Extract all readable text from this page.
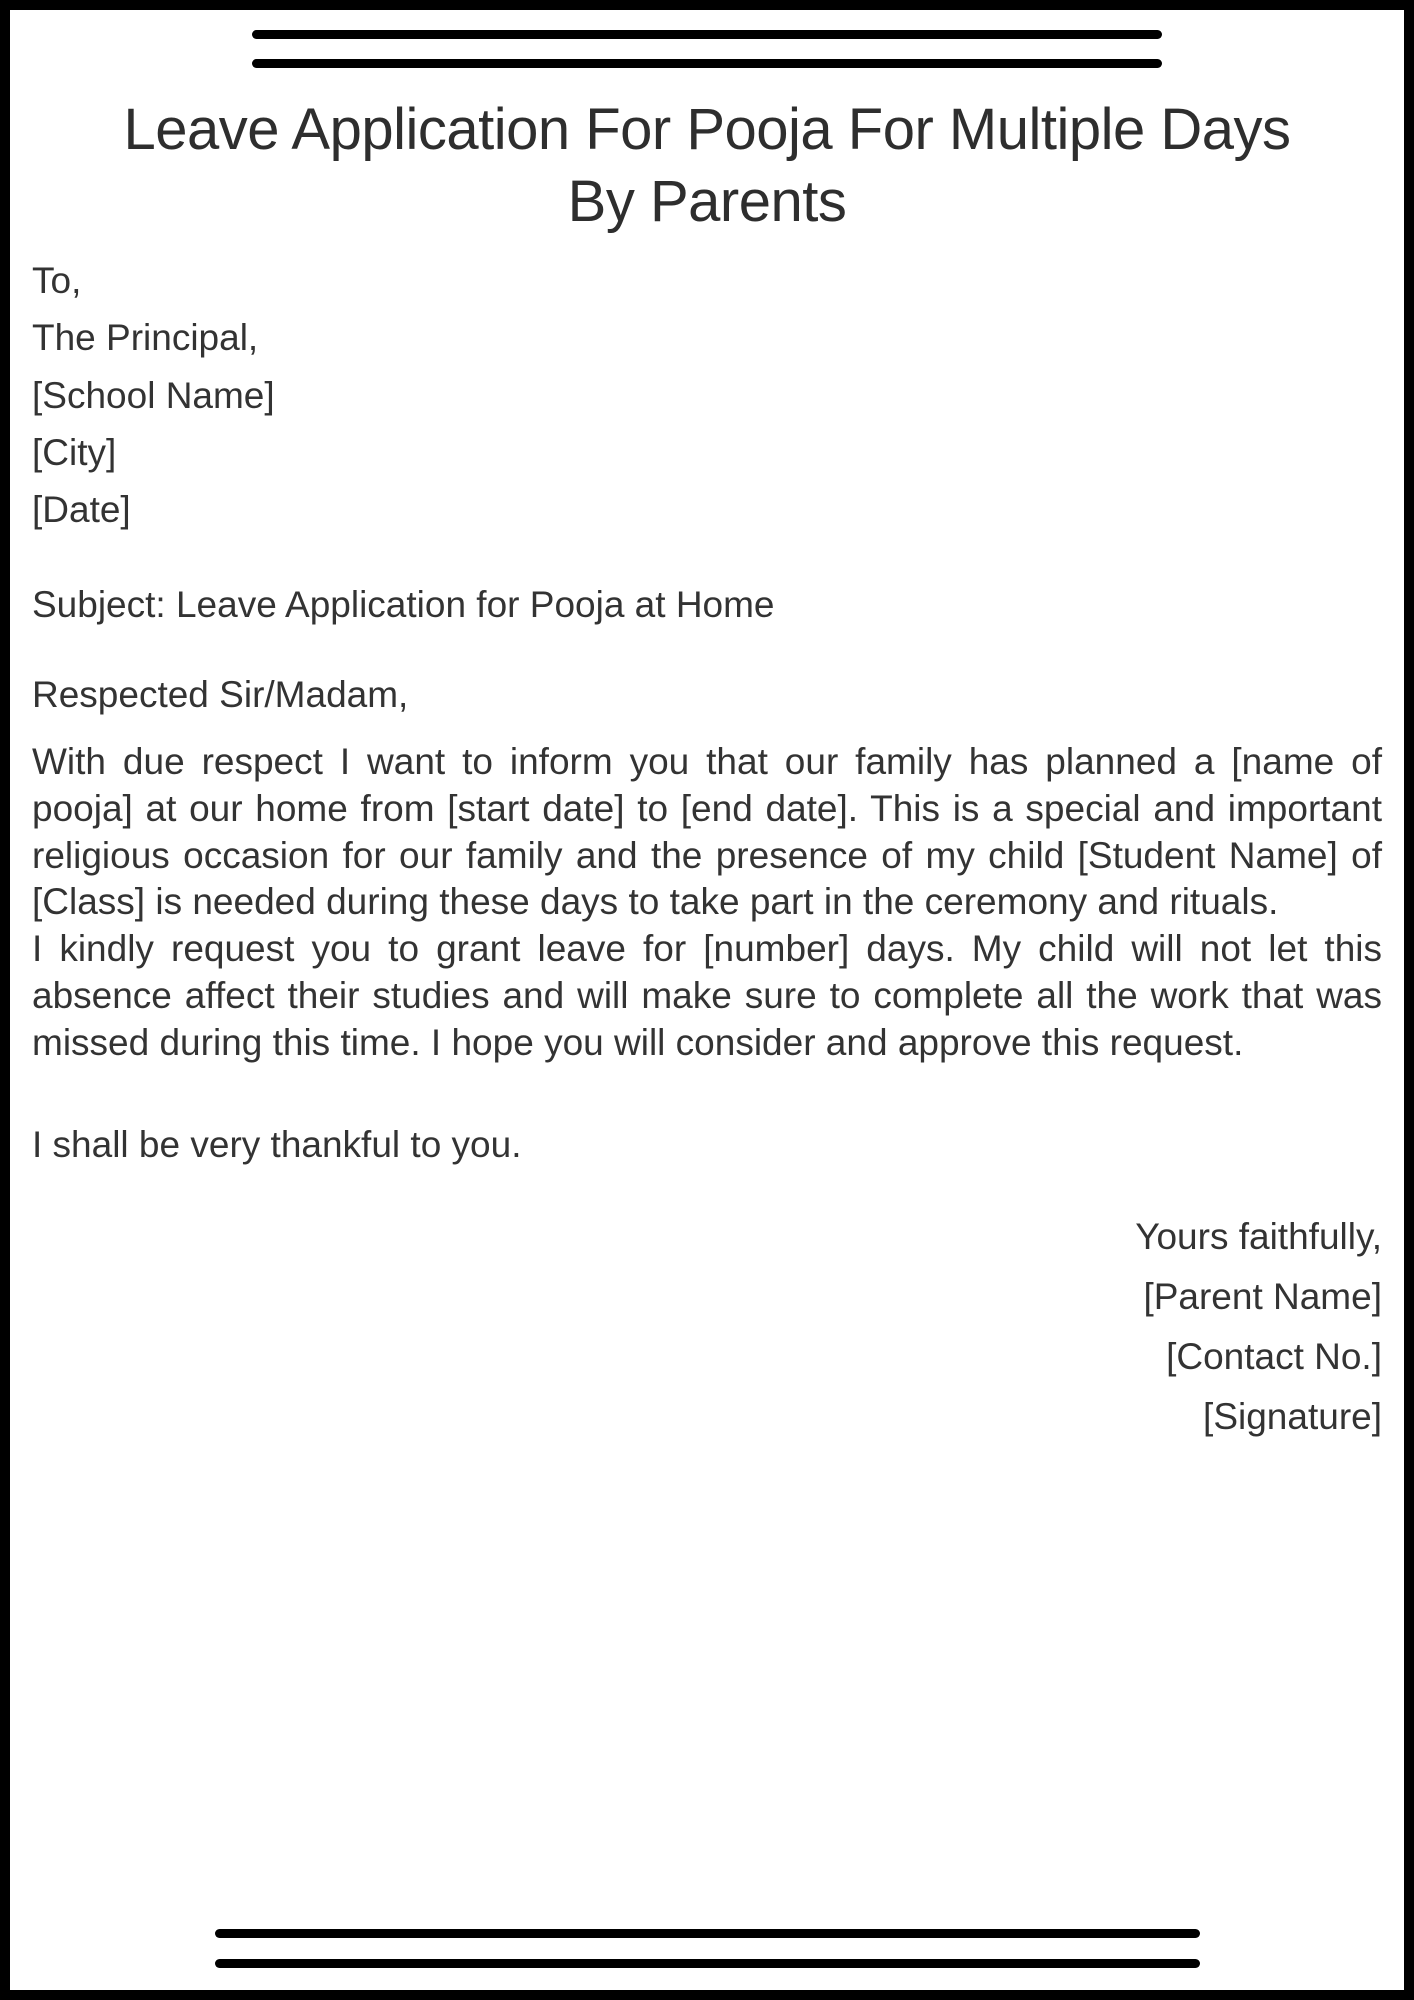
Leave Application For Pooja For Multiple Days By Parents
To,
The Principal,
[School Name]
[City]
[Date]
Subject: Leave Application for Pooja at Home
Respected Sir/Madam,

With due respect I want to inform you that our family has planned a [name of pooja] at our home from [start date] to [end date]. This is a special and important religious occasion for our family and the presence of my child [Student Name] of [Class] is needed during these days to take part in the ceremony and rituals.

I kindly request you to grant leave for [number] days. My child will not let this absence affect their studies and will make sure to complete all the work that was missed during this time. I hope you will consider and approve this request.

I shall be very thankful to you.
Yours faithfully,
[Parent Name]
[Contact No.]
[Signature]
